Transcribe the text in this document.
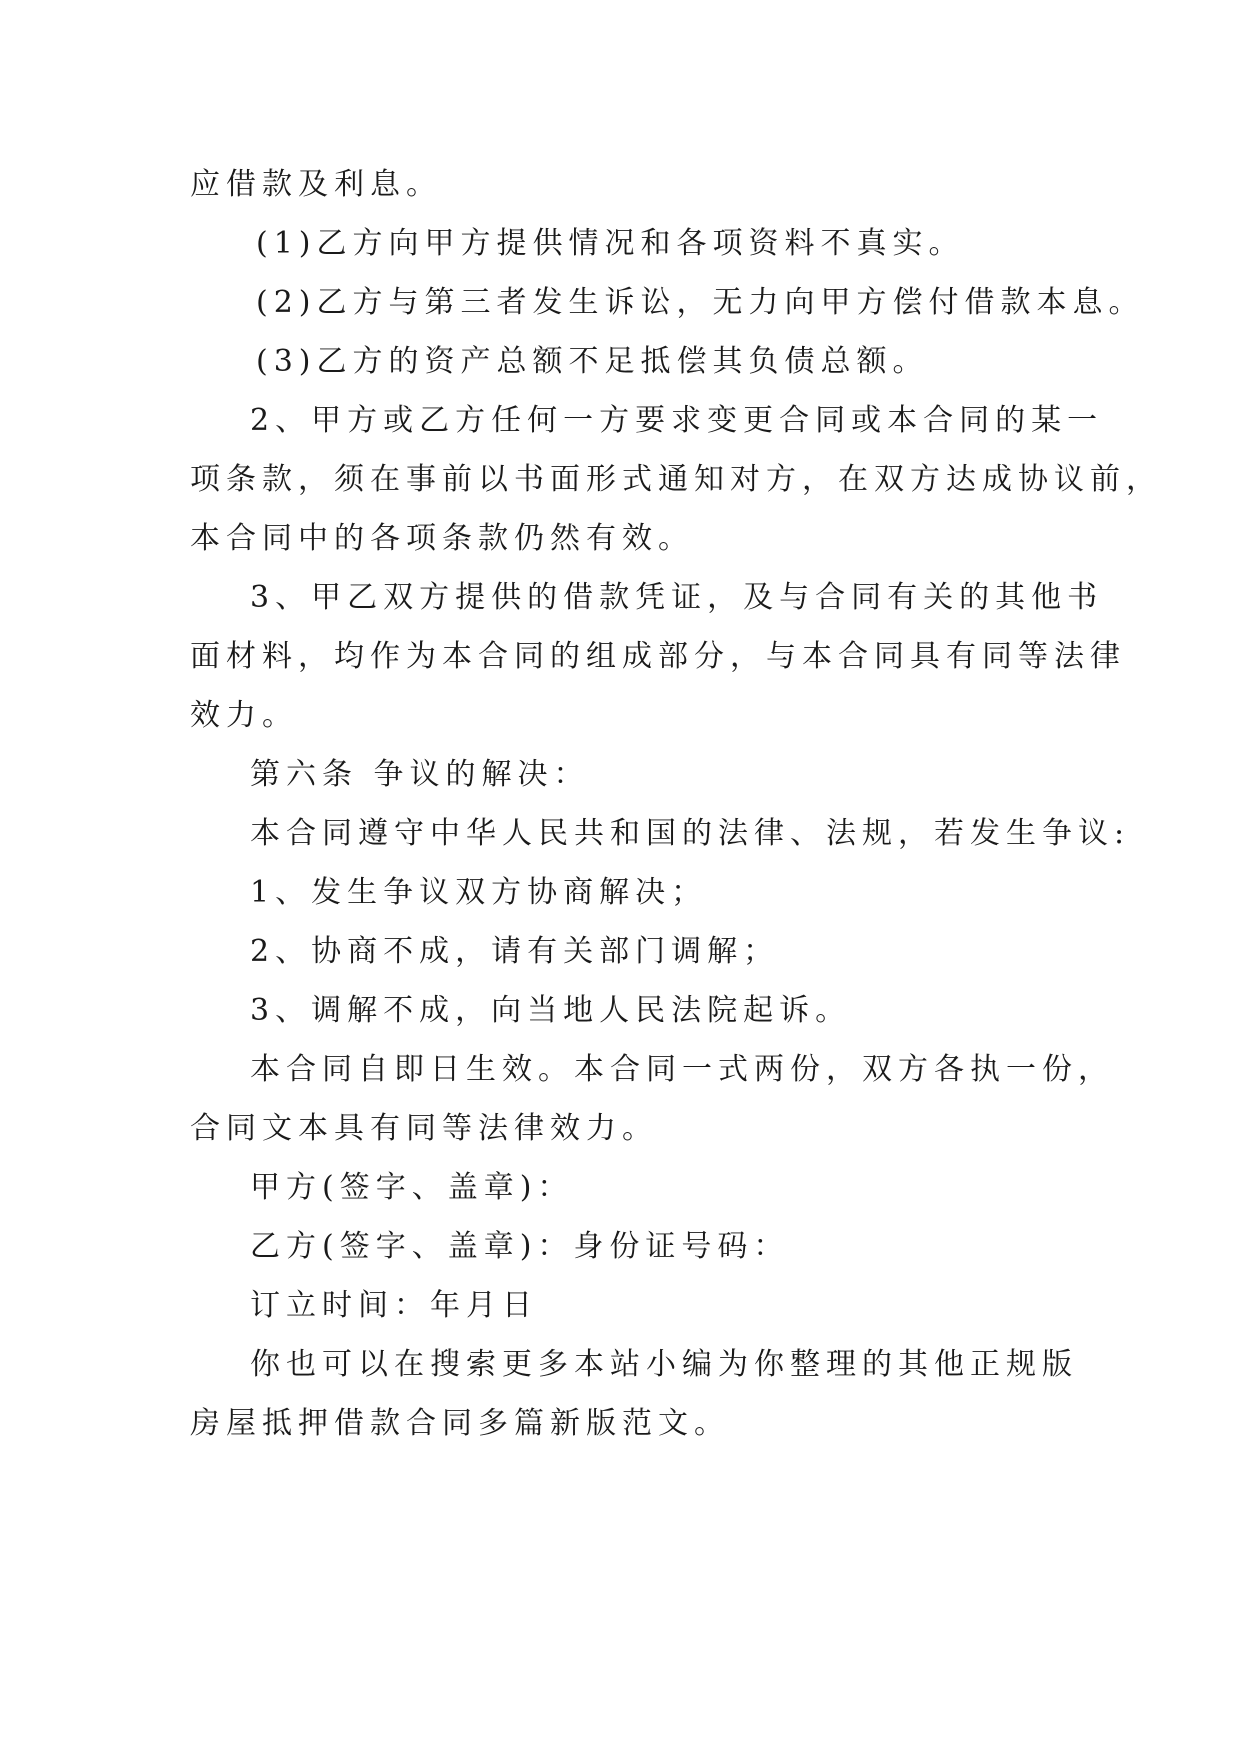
应借款及利息。
(1)乙方向甲方提供情况和各项资料不真实。
(2)乙方与第三者发生诉讼，无力向甲方偿付借款本息。
(3)乙方的资产总额不足抵偿其负债总额。
2、甲方或乙方任何一方要求变更合同或本合同的某一
项条款，须在事前以书面形式通知对方，在双方达成协议前，
本合同中的各项条款仍然有效。
3、甲乙双方提供的借款凭证，及与合同有关的其他书
面材料，均作为本合同的组成部分，与本合同具有同等法律
效力。
第六条 争议的解决：
本合同遵守中华人民共和国的法律、法规，若发生争议:
1、发生争议双方协商解决；
2、协商不成，请有关部门调解；
3、调解不成，向当地人民法院起诉。
本合同自即日生效。本合同一式两份，双方各执一份，
合同文本具有同等法律效力。
甲方(签字、盖章)：
乙方(签字、盖章)：身份证号码：
订立时间：年月日
你也可以在搜索更多本站小编为你整理的其他正规版
房屋抵押借款合同多篇新版范文。
